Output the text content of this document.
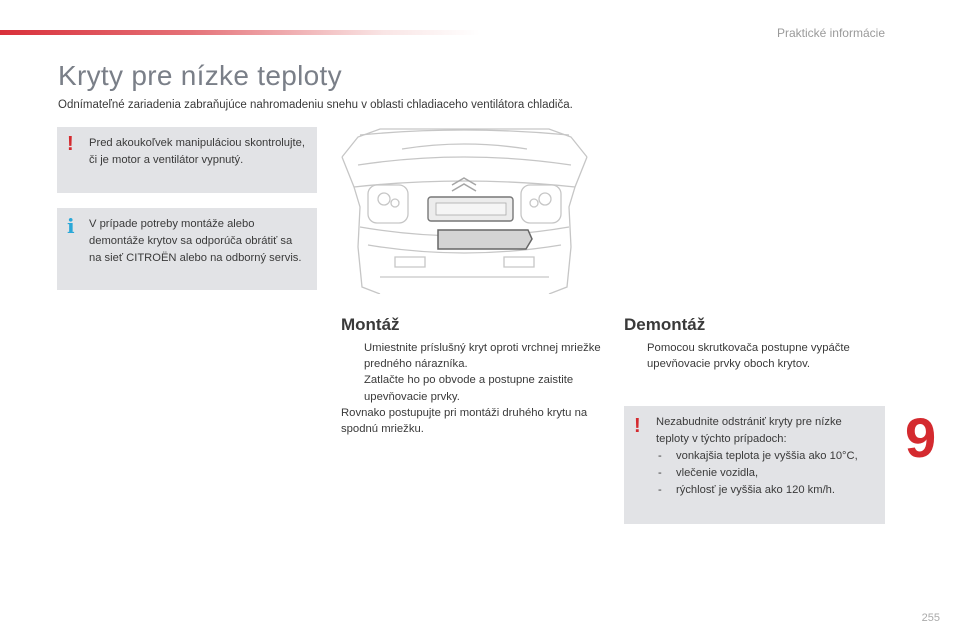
Praktické informácie
Kryty pre nízke teploty
Odnímateľné zariadenia zabraňujúce nahromadeniu snehu v oblasti chladiaceho ventilátora chladiča.
! Pred akoukoľvek manipuláciou skontrolujte, či je motor a ventilátor vypnutý.
i V prípade potreby montáže alebo demontáže krytov sa odporúča obrátiť sa na sieť CITROËN alebo na odborný servis.
Montáž
Umiestnite príslušný kryt oproti vrchnej mriežke predného nárazníka.
Zatlačte ho po obvode a postupne zaistite upevňovacie prvky.
Rovnako postupujte pri montáži druhého krytu na spodnú mriežku.
Demontáž
Pomocou skrutkovača postupne vypáčte upevňovacie prvky oboch krytov.
! Nezabudnite odstrániť kryty pre nízke teploty v týchto prípadoch:
- vonkajšia teplota je vyššia ako 10°C,
- vlečenie vozidla,
- rýchlosť je vyššia ako 120 km/h.
9
255
